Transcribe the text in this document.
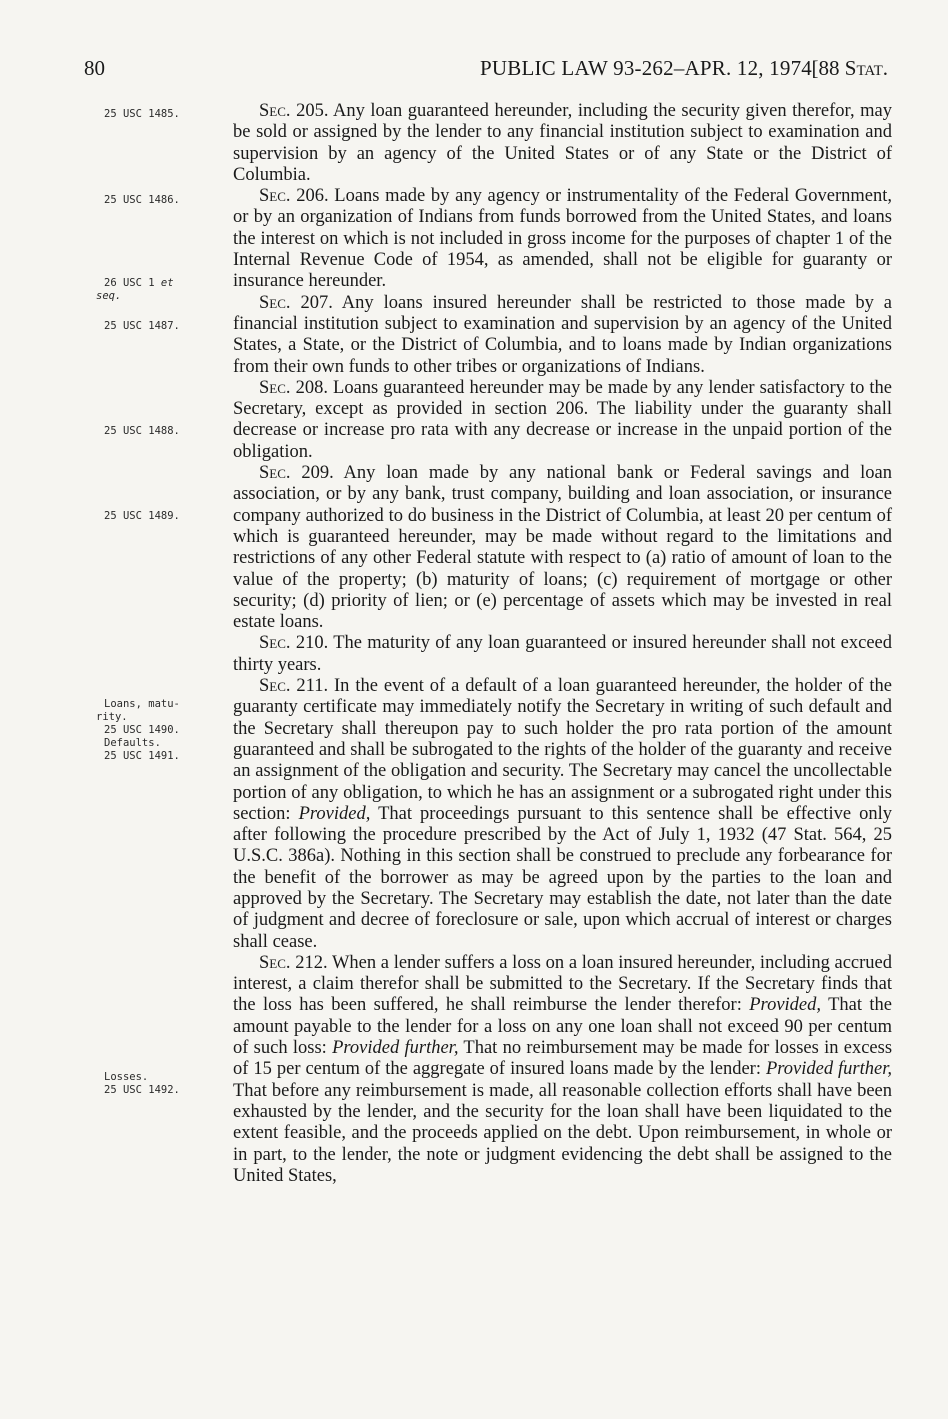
80	PUBLIC LAW 93-262–APR. 12, 1974 [88 Stat.
25 USC 1485.
25 USC 1486.
26 USC 1 et
seq.
25 USC 1487.
25 USC 1488.
25 USC 1489.
Loans, matu-
rity.
25 USC 1490.
Defaults.
25 USC 1491.
Losses.
25 USC 1492.

Sec. 205. Any loan guaranteed hereunder, including the security given therefor, may be sold or assigned by the lender to any financial institution subject to examination and supervision by an agency of the United States or of any State or the District of Columbia.

Sec. 206. Loans made by any agency or instrumentality of the Federal Government, or by an organization of Indians from funds borrowed from the United States, and loans the interest on which is not included in gross income for the purposes of chapter 1 of the Internal Revenue Code of 1954, as amended, shall not be eligible for guaranty or insurance hereunder.

Sec. 207. Any loans insured hereunder shall be restricted to those made by a financial institution subject to examination and supervision by an agency of the United States, a State, or the District of Columbia, and to loans made by Indian organizations from their own funds to other tribes or organizations of Indians.

Sec. 208. Loans guaranteed hereunder may be made by any lender satisfactory to the Secretary, except as provided in section 206. The liability under the guaranty shall decrease or increase pro rata with any decrease or increase in the unpaid portion of the obligation.

Sec. 209. Any loan made by any national bank or Federal savings and loan association, or by any bank, trust company, building and loan association, or insurance company authorized to do business in the District of Columbia, at least 20 per centum of which is guaranteed hereunder, may be made without regard to the limitations and restrictions of any other Federal statute with respect to (a) ratio of amount of loan to the value of the property; (b) maturity of loans; (c) requirement of mortgage or other security; (d) priority of lien; or (e) percentage of assets which may be invested in real estate loans.

Sec. 210. The maturity of any loan guaranteed or insured hereunder shall not exceed thirty years.

Sec. 211. In the event of a default of a loan guaranteed hereunder, the holder of the guaranty certificate may immediately notify the Secretary in writing of such default and the Secretary shall thereupon pay to such holder the pro rata portion of the amount guaranteed and shall be subrogated to the rights of the holder of the guaranty and receive an assignment of the obligation and security. The Secretary may cancel the uncollectable portion of any obligation, to which he has an assignment or a subrogated right under this section: Provided, That proceedings pursuant to this sentence shall be effective only after following the procedure prescribed by the Act of July 1, 1932 (47 Stat. 564, 25 U.S.C. 386a). Nothing in this section shall be construed to preclude any forbearance for the benefit of the borrower as may be agreed upon by the parties to the loan and approved by the Secretary. The Secretary may establish the date, not later than the date of judgment and decree of foreclosure or sale, upon which accrual of interest or charges shall cease.

Sec. 212. When a lender suffers a loss on a loan insured hereunder, including accrued interest, a claim therefor shall be submitted to the Secretary. If the Secretary finds that the loss has been suffered, he shall reimburse the lender therefor: Provided, That the amount payable to the lender for a loss on any one loan shall not exceed 90 per centum of such loss: Provided further, That no reimbursement may be made for losses in excess of 15 per centum of the aggregate of insured loans made by the lender: Provided further, That before any reimbursement is made, all reasonable collection efforts shall have been exhausted by the lender, and the security for the loan shall have been liquidated to the extent feasible, and the proceeds applied on the debt. Upon reimbursement, in whole or in part, to the lender, the note or judgment evidencing the debt shall be assigned to the United States,
